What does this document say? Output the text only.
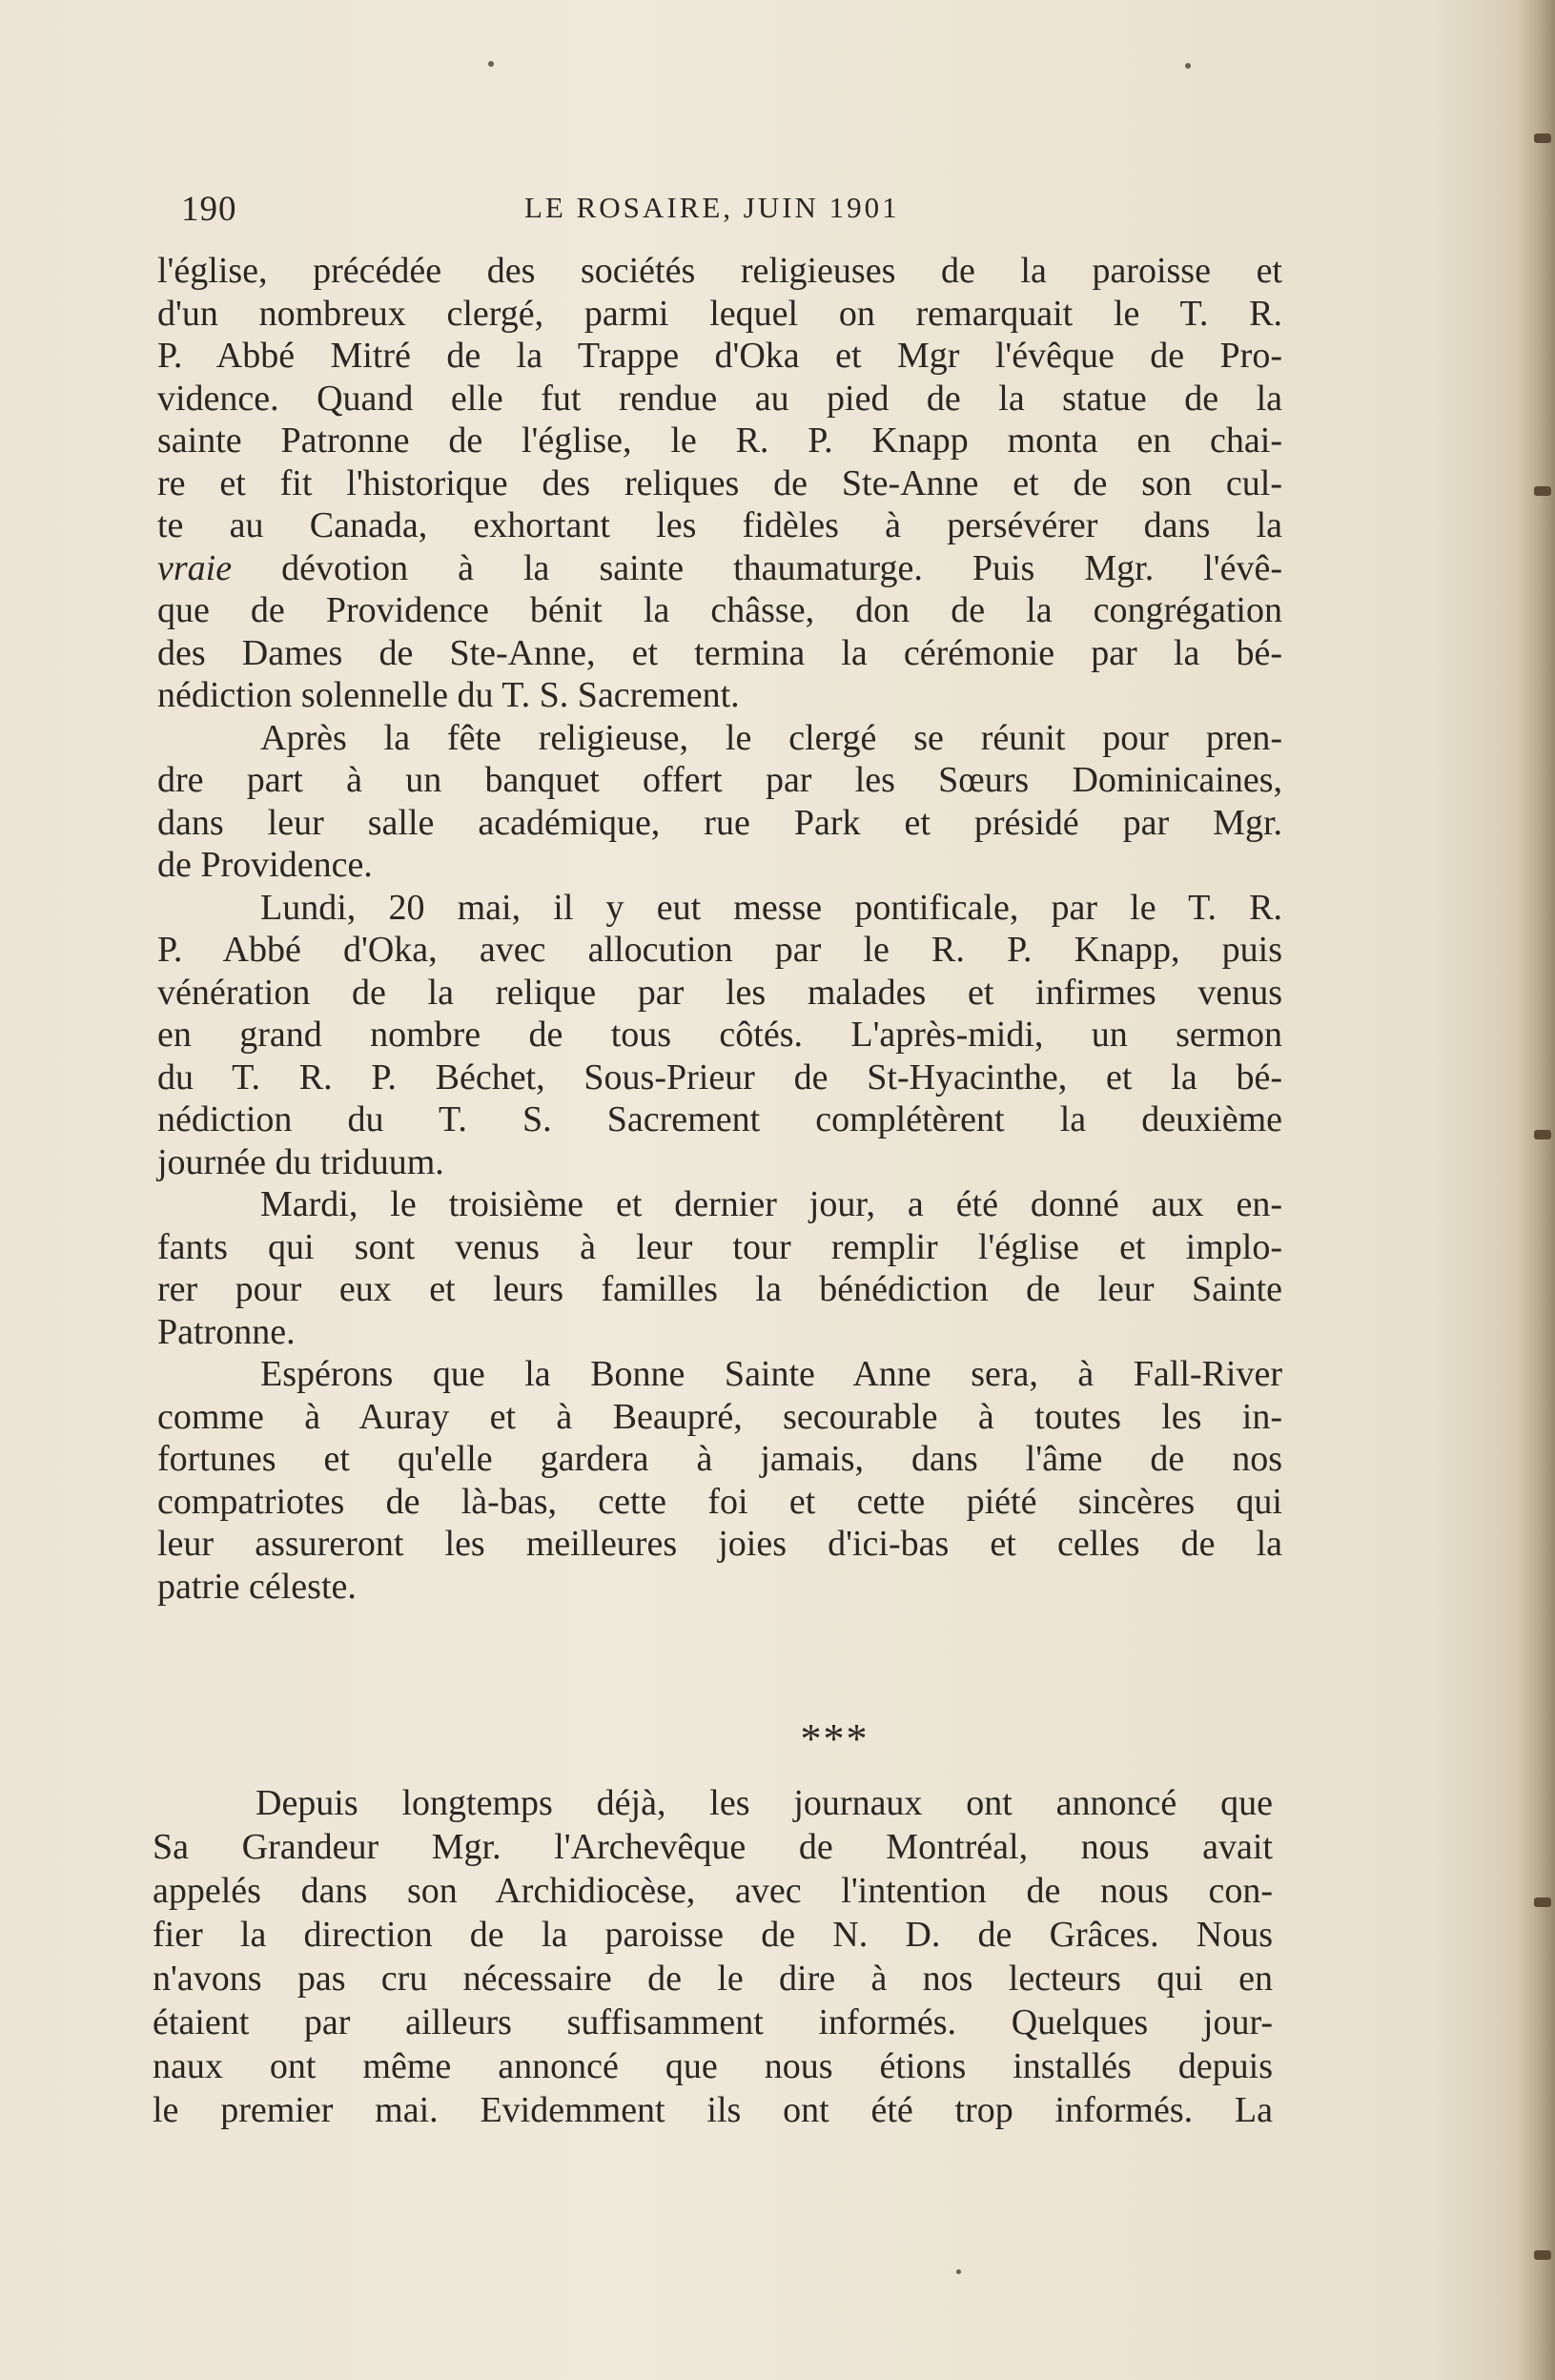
190	LE ROSAIRE, JUIN 1901
l'église, précédée des sociétés religieuses de la paroisse et
d'un nombreux clergé, parmi lequel on remarquait le T. R.
P. Abbé Mitré de la Trappe d'Oka et Mgr l'évêque de Pro-
vidence. Quand elle fut rendue au pied de la statue de la
sainte Patronne de l'église, le R. P. Knapp monta en chai-
re et fit l'historique des reliques de Ste-Anne et de son cul-
te au Canada, exhortant les fidèles à persévérer dans la
vraie dévotion à la sainte thaumaturge. Puis Mgr. l'évê-
que de Providence bénit la châsse, don de la congrégation
des Dames de Ste-Anne, et termina la cérémonie par la bé-
nédiction solennelle du T. S. Sacrement.
Après la fête religieuse, le clergé se réunit pour pren-
dre part à un banquet offert par les Sœurs Dominicaines,
dans leur salle académique, rue Park et présidé par Mgr.
de Providence.
Lundi, 20 mai, il y eut messe pontificale, par le T. R.
P. Abbé d'Oka, avec allocution par le R. P. Knapp, puis
vénération de la relique par les malades et infirmes venus
en grand nombre de tous côtés. L'après-midi, un sermon
du T. R. P. Béchet, Sous-Prieur de St-Hyacinthe, et la bé-
nédiction du T. S. Sacrement complétèrent la deuxième
journée du triduum.
Mardi, le troisième et dernier jour, a été donné aux en-
fants qui sont venus à leur tour remplir l'église et implo-
rer pour eux et leurs familles la bénédiction de leur Sainte
Patronne.
Espérons que la Bonne Sainte Anne sera, à Fall-River
comme à Auray et à Beaupré, secourable à toutes les in-
fortunes et qu'elle gardera à jamais, dans l'âme de nos
compatriotes de là-bas, cette foi et cette piété sincères qui
leur assureront les meilleures joies d'ici-bas et celles de la
patrie céleste.
***
Depuis longtemps déjà, les journaux ont annoncé que
Sa Grandeur Mgr. l'Archevêque de Montréal, nous avait
appelés dans son Archidiocèse, avec l'intention de nous con-
fier la direction de la paroisse de N. D. de Grâces. Nous
n'avons pas cru nécessaire de le dire à nos lecteurs qui en
étaient par ailleurs suffisamment informés. Quelques jour-
naux ont même annoncé que nous étions installés depuis
le premier mai. Evidemment ils ont été trop informés. La
